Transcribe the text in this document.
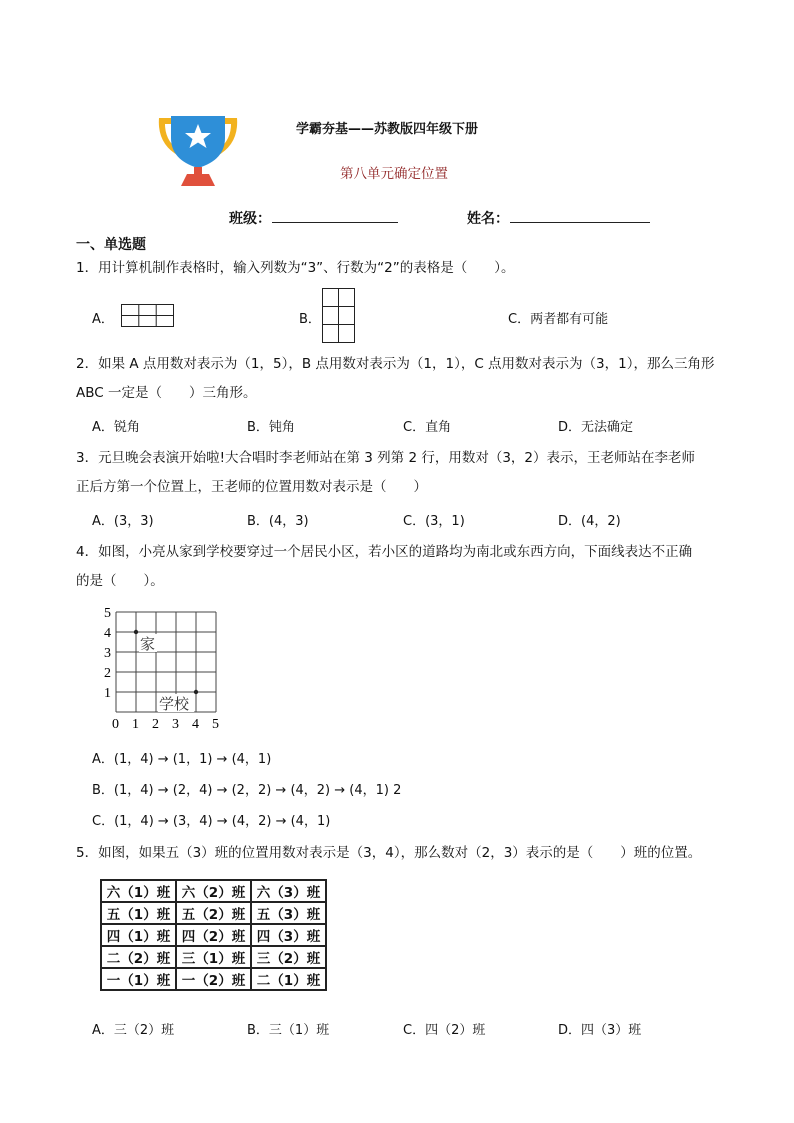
学霸夯基——苏教版四年级下册
第八单元确定位置
班级：	姓名：
一、单选题
1．用计算机制作表格时，输入列数为“3”、行数为“2”的表格是（　　）。
A．	B．	C．两者都有可能
2．如果 A 点用数对表示为（1，5），B 点用数对表示为（1，1），C 点用数对表示为（3，1），那么三角形
ABC 一定是（　　）三角形。
A．锐角	B．钝角	C．直角	D．无法确定
3．元旦晚会表演开始啦!大合唱时李老师站在第 3 列第 2 行，用数对（3，2）表示，王老师站在李老师
正后方第一个位置上，王老师的位置用数对表示是（　　）
A．(3，3)	B．(4，3)	C．(3，1)	D．(4，2)
4．如图，小亮从家到学校要穿过一个居民小区，若小区的道路均为南北或东西方向，下面线表达不正确
的是（　　）。
5
4
3
2
1
0 1 2 3 4 5
家
学校
A．(1，4) → (1，1) → (4，1)
B．(1，4) → (2，4) → (2，2) → (4，2) → (4，1) 2
C．(1，4) → (3，4) → (4，2) → (4，1)
5．如图，如果五（3）班的位置用数对表示是（3，4），那么数对（2，3）表示的是（　　）班的位置。
六（1）班	六（2）班	六（3）班
五（1）班	五（2）班	五（3）班
四（1）班	四（2）班	四（3）班
二（2）班	三（1）班	三（2）班
一（1）班	一（2）班	二（1）班
A．三（2）班	B．三（1）班	C．四（2）班	D．四（3）班
